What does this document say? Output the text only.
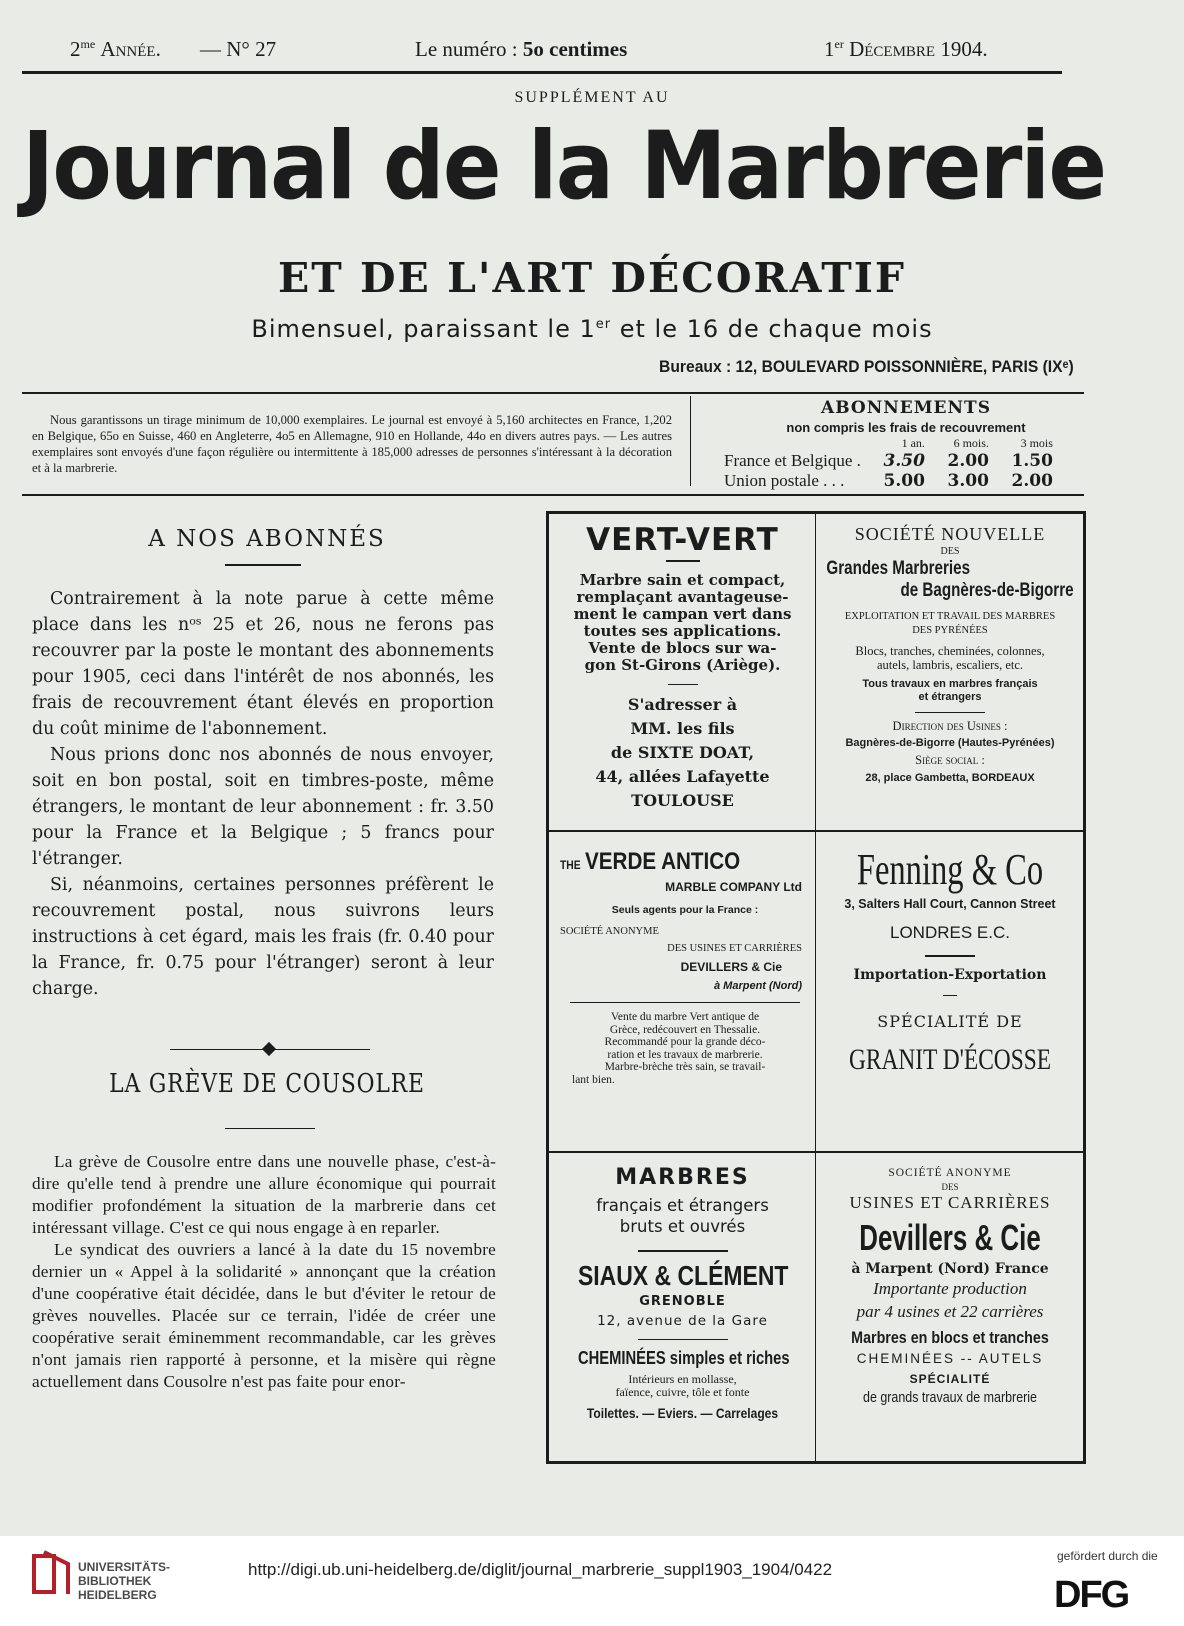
$2^{me}$ Année. — N° 27	Le numéro : 5o centimes	1er Décembre 1904.
SUPPLÉMENT AU
Journal de la Marbrerie
ET DE L'ART DÉCORATIF
Bimensuel, paraissant le 1er et le 16 de chaque mois
Bureaux : 12, BOULEVARD POISSONNIÈRE, PARIS (IXᵉ)
Nous garantissons un tirage minimum de 10,000 exemplaires. Le journal est envoyé à 5,160 architectes en France, 1,202 en Belgique, 65o en Suisse, 460 en Angleterre, 4o5 en Allemagne, 910 en Hollande, 44o en divers autres pays. — Les autres exemplaires sont envoyés d'une façon régulière ou intermittente à 185,000 adresses de personnes s'intéressant à la décoration et à la marbrerie.
ABONNEMENTS
non compris les frais de recouvrement
	1 an.	6 mois.	3 mois
France et Belgique .	3.50	2.00	1.50
Union postale . . .	5.00	3.00	2.00
A NOS ABONNÉS

Contrairement à la note parue à cette même place dans les nᵒˢ 25 et 26, nous ne ferons pas recouvrer par la poste le montant des abonnements pour 1905, ceci dans l'intérêt de nos abonnés, les frais de recouvrement étant élevés en proportion du coût minime de l'abonnement.

Nous prions donc nos abonnés de nous envoyer, soit en bon postal, soit en timbres-poste, même étrangers, le montant de leur abonnement : fr. 3.50 pour la France et la Belgique ; 5 francs pour l'étranger.

Si, néanmoins, certaines personnes préfèrent le recouvrement postal, nous suivrons leurs instructions à cet égard, mais les frais (fr. 0.40 pour la France, fr. 0.75 pour l'étranger) seront à leur charge.

LA GRÈVE DE COUSOLRE

La grève de Cousolre entre dans une nouvelle phase, c'est-à-dire qu'elle tend à prendre une allure économique qui pourrait modifier profondément la situation de la marbrerie dans cet intéressant village. C'est ce qui nous engage à en reparler.

Le syndicat des ouvriers a lancé à la date du 15 novembre dernier un « Appel à la solidarité » annonçant que la création d'une coopérative était décidée, dans le but d'éviter le retour de grèves nouvelles. Placée sur ce terrain, l'idée de créer une coopérative serait éminemment recommandable, car les grèves n'ont jamais rien rapporté à personne, et la misère qui règne actuellement dans Cousolre n'est pas faite pour enor-

VERT-VERT
Marbre sain et compact,
remplaçant avantageuse-
ment le campan vert dans
toutes ses applications.
Vente de blocs sur wa-
gon St-Girons (Ariège).
S'adresser à
MM. les fils
de SIXTE DOAT,
44, allées Lafayette
TOULOUSE
SOCIÉTÉ NOUVELLE
DES
Grandes Marbreries
de Bagnères-de-Bigorre
EXPLOITATION ET TRAVAIL DES MARBRES
DES PYRÉNÉES
Blocs, tranches, cheminées, colonnes,
autels, lambris, escaliers, etc.
Tous travaux en marbres français
et étrangers
Direction des Usines :
Bagnères-de-Bigorre (Hautes-Pyrénées)
Siège social :
28, place Gambetta, BORDEAUX
THE VERDE ANTICO
MARBLE COMPANY Ltd
Seuls agents pour la France :
SOCIÉTÉ ANONYME
DES USINES ET CARRIÈRES
DEVILLERS & Cie
à Marpent (Nord)
Vente du marbre Vert antique de
Grèce, redécouvert en Thessalie.
Recommandé pour la grande déco-
ration et les travaux de marbrerie.
Marbre-brèche très sain, se travail-
lant bien.
Fenning & Co
3, Salters Hall Court, Cannon Street
LONDRES E.C.
Importation-Exportation
SPÉCIALITÉ DE
GRANIT D'ÉCOSSE
MARBRES
français et étrangers
bruts et ouvrés
SIAUX & CLÉMENT
GRENOBLE
12, avenue de la Gare
CHEMINÉES simples et riches
Intérieurs en mollasse,
faïence, cuivre, tôle et fonte
Toilettes. — Eviers. — Carrelages
SOCIÉTÉ ANONYME
DES
USINES ET CARRIÈRES
Devillers & Cie
à Marpent (Nord) France
Importante production
par 4 usines et 22 carrières
Marbres en blocs et tranches
CHEMINÉES -- AUTELS
SPÉCIALITÉ
de grands travaux de marbrerie
UNIVERSITÄTS-
BIBLIOTHEK
HEIDELBERG
http://digi.ub.uni-heidelberg.de/diglit/journal_marbrerie_suppl1903_1904/0422
gefördert durch die
DFG
